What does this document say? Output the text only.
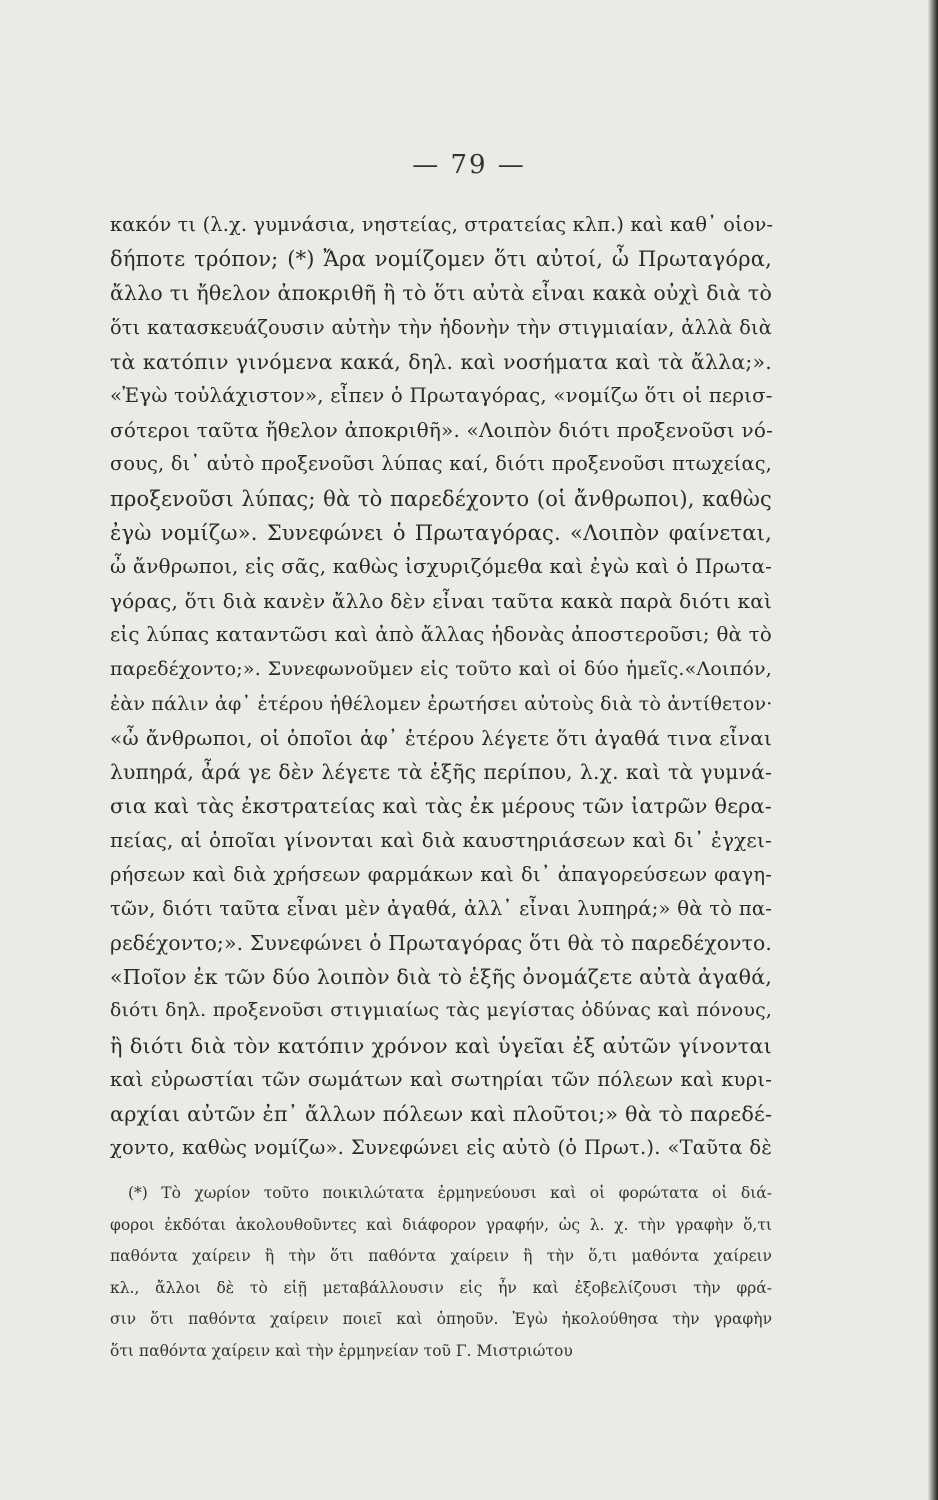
— 79 —
κακόν τι (λ.χ. γυμνάσια, νηστείας, στρατείας κλπ.) καὶ καθ᾽ οἱον-
δήποτε τρόπον; (*) Ἄρα νομίζομεν ὅτι αὐτοί, ὦ Πρωταγόρα,
ἄλλο τι ἤθελον ἀποκριθῆ ἢ τὸ ὅτι αὐτὰ εἶναι κακὰ οὐχὶ διὰ τὸ
ὅτι κατασκευάζουσιν αὐτὴν τὴν ἡδονὴν τὴν στιγμιαίαν, ἀλλὰ διὰ
τὰ κατόπιν γινόμενα κακά, δηλ. καὶ νοσήματα καὶ τὰ ἄλλα;».
«Ἐγὼ τοὐλάχιστον», εἶπεν ὁ Πρωταγόρας, «νομίζω ὅτι οἱ περισ-
σότεροι ταῦτα ἤθελον ἀποκριθῆ». «Λοιπὸν διότι προξενοῦσι νό-
σους, δι᾽ αὐτὸ προξενοῦσι λύπας καί, διότι προξενοῦσι πτωχείας,
προξενοῦσι λύπας; θὰ τὸ παρεδέχοντο (οἱ ἄνθρωποι), καθὼς
ἐγὼ νομίζω». Συνεφώνει ὁ Πρωταγόρας. «Λοιπὸν φαίνεται,
ὦ ἄνθρωποι, εἰς σᾶς, καθὼς ἰσχυριζόμεθα καὶ ἐγὼ καὶ ὁ Πρωτα-
γόρας, ὅτι διὰ κανὲν ἄλλο δὲν εἶναι ταῦτα κακὰ παρὰ διότι καὶ
εἰς λύπας καταντῶσι καὶ ἀπὸ ἄλλας ἡδονὰς ἀποστεροῦσι; θὰ τὸ
παρεδέχοντο;». Συνεφωνοῦμεν εἰς τοῦτο καὶ οἱ δύο ἡμεῖς.«Λοιπόν,
ἐὰν πάλιν ἀφ᾽ ἑτέρου ἠθέλομεν ἐρωτήσει αὐτοὺς διὰ τὸ ἀντίθετον·
«ὦ ἄνθρωποι, οἱ ὁποῖοι ἀφ᾽ ἑτέρου λέγετε ὅτι ἀγαθά τινα εἶναι
λυπηρά, ἆρά γε δὲν λέγετε τὰ ἑξῆς περίπου, λ.χ. καὶ τὰ γυμνά-
σια καὶ τὰς ἐκστρατείας καὶ τὰς ἐκ μέρους τῶν ἰατρῶν θερα-
πείας, αἱ ὁποῖαι γίνονται καὶ διὰ καυστηριάσεων καὶ δι᾽ ἐγχει-
ρήσεων καὶ διὰ χρήσεων φαρμάκων καὶ δι᾽ ἀπαγορεύσεων φαγη-
τῶν, διότι ταῦτα εἶναι μὲν ἀγαθά, ἀλλ᾽ εἶναι λυπηρά;» θὰ τὸ πα-
ρεδέχοντο;». Συνεφώνει ὁ Πρωταγόρας ὅτι θὰ τὸ παρεδέχοντο.
«Ποῖον ἐκ τῶν δύο λοιπὸν διὰ τὸ ἑξῆς ὀνομάζετε αὐτὰ ἀγαθά,
διότι δηλ. προξενοῦσι στιγμιαίως τὰς μεγίστας ὀδύνας καὶ πόνους,
ἢ διότι διὰ τὸν κατόπιν χρόνον καὶ ὑγεῖαι ἐξ αὐτῶν γίνονται
καὶ εὐρωστίαι τῶν σωμάτων καὶ σωτηρίαι τῶν πόλεων καὶ κυρι-
αρχίαι αὐτῶν ἐπ᾽ ἄλλων πόλεων καὶ πλοῦτοι;» θὰ τὸ παρεδέ-
χοντο, καθὼς νομίζω». Συνεφώνει εἰς αὐτὸ (ὁ Πρωτ.). «Ταῦτα δὲ
(*) Τὸ χωρίον τοῦτο ποικιλώτατα ἑρμηνεύουσι καὶ οἱ φορώτατα οἱ διά-
φοροι ἐκδόται ἀκολουθοῦντες καὶ διάφορον γραφήν, ὡς λ. χ. τὴν γραφὴν ὅ,τι
παθόντα χαίρειν ἢ τὴν ὅτι παθόντα χαίρειν ἢ τὴν ὅ,τι μαθόντα χαίρειν
κλ., ἄλλοι δὲ τὸ εἰῇ μεταβάλλουσιν εἰς ἦν καὶ ἐξοβελίζουσι τὴν φρά-
σιν ὅτι παθόντα χαίρειν ποιεῖ καὶ ὁπηοῦν. Ἐγὼ ἠκολούθησα τὴν γραφὴν
ὅτι παθόντα χαίρειν καὶ τὴν ἑρμηνείαν τοῦ Γ. Μιστριώτου
